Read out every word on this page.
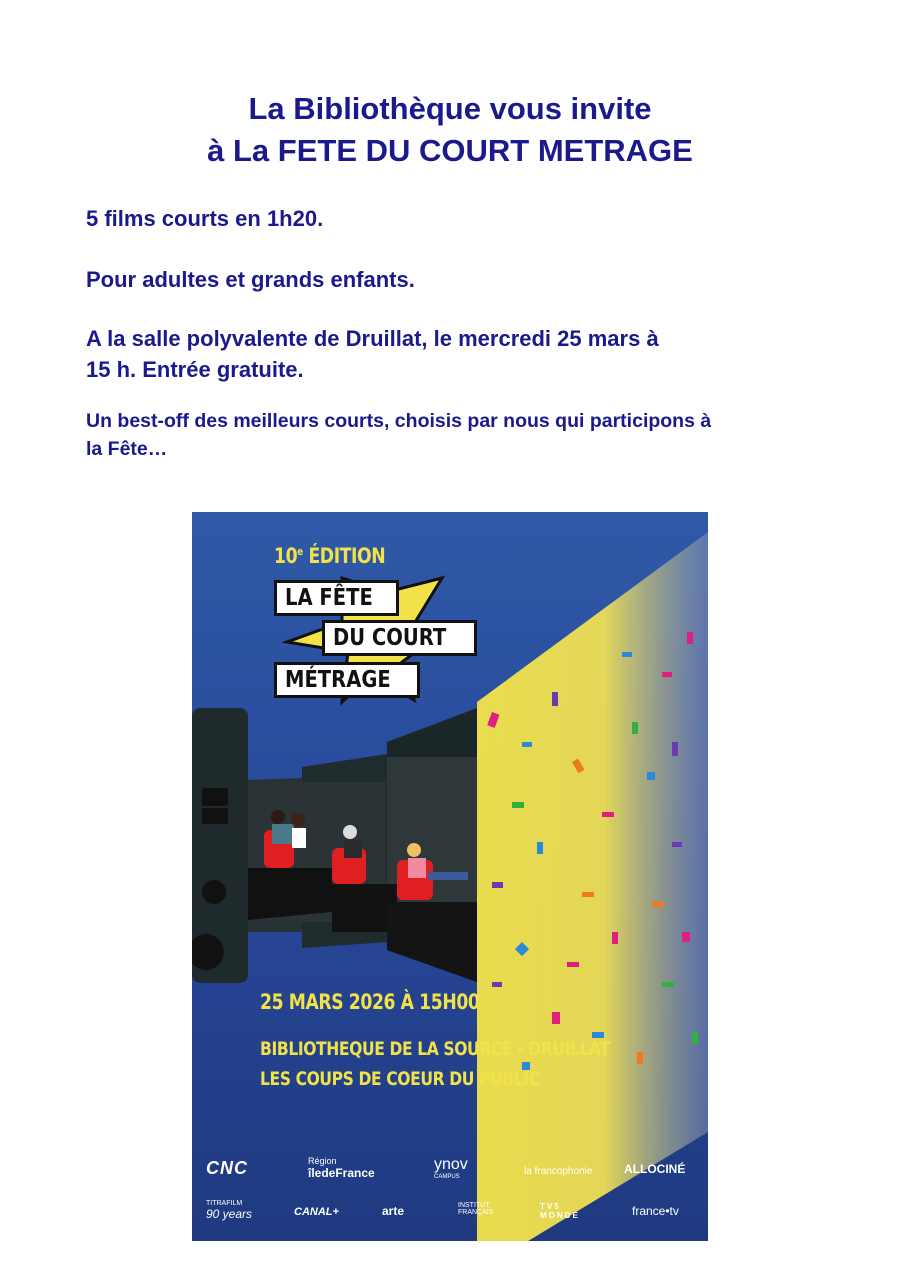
La Bibliothèque vous invite
à La FETE DU COURT METRAGE
5 films courts en 1h20.
Pour adultes et grands enfants.
A la salle polyvalente de Druillat, le mercredi 25 mars à
15 h. Entrée gratuite.
Un best-off des meilleurs courts, choisis par nous qui participons à
la Fête…
10e ÉDITION
LA FÊTE
DU COURT
MÉTRAGE
25 MARS 2026 À 15H00
BIBLIOTHEQUE DE LA SOURCE - DRUILLAT
LES COUPS DE COEUR DU PUBLIC
CNC	Région
îledeFrance	ynov
CAMPUS	la francophonie	ALLOCINÉ
TITRAFILM
90 years	CANAL+	arte	INSTITUT
FRANÇAIS
TV5
MONDE	france•tv
